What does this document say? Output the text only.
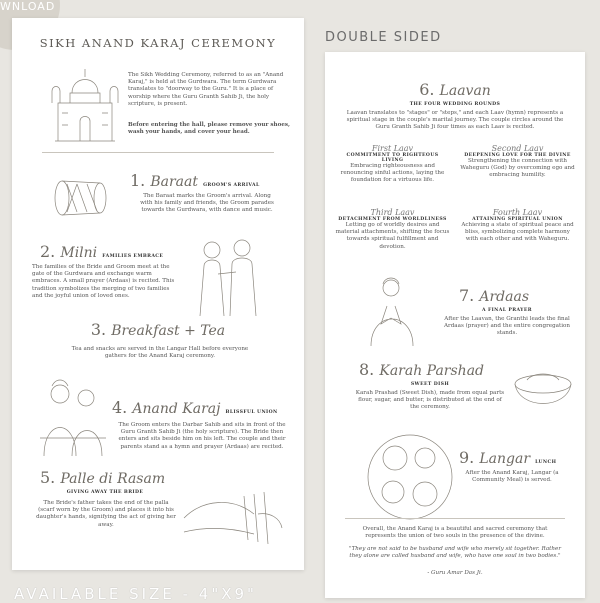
WNLOAD
DOUBLE SIDED
SIKH ANAND KARAJ CEREMONY
The Sikh Wedding Ceremony, referred to as an "Anand Karaj," is held at the Gurdwara. The term Gurdwara translates to "doorway to the Guru." It is a place of worship where the Guru Granth Sahib Ji, the holy scripture, is present.
Before entering the hall, please remove your shoes, wash your hands, and cover your head.
1. Baraat GROOM'S ARRIVAL
The Baraat marks the Groom's arrival. Along with his family and friends, the Groom parades towards the Gurdwara, with dance and music.
2. Milni FAMILIES EMBRACE
The families of the Bride and Groom meet at the gate of the Gurdwara and exchange warm embraces. A small prayer (Ardaas) is recited. This tradition symbolizes the merging of two families and the joyful union of loved ones.
3. Breakfast + Tea
Tea and snacks are served in the Langar Hall before everyone gathers for the Anand Karaj ceremony.
4. Anand Karaj BLISSFUL UNION
The Groom enters the Darbar Sahib and sits in front of the Guru Granth Sahib Ji (the holy scripture). The Bride then enters and sits beside him on his left. The couple and their parents stand as a hymn and prayer (Ardaas) are recited.
5. Palle di Rasam
GIVING AWAY THE BRIDE
The Bride's father takes the end of the palla (scarf worn by the Groom) and places it into his daughter's hands, signifying the act of giving her away.
6. Laavan
THE FOUR WEDDING ROUNDS
Laavan translates to "stages" or "steps," and each Laav (hymn) represents a spiritual stage in the couple's marital journey. The couple circles around the Guru Granth Sahib Ji four times as each Laav is recited.
First Laav
COMMITMENT TO RIGHTEOUS LIVING
Embracing righteousness and renouncing sinful actions, laying the foundation for a virtuous life.
Second Laav
DEEPENING LOVE FOR THE DIVINE
Strengthening the connection with Waheguru (God) by overcoming ego and embracing humility.
Third Laav
DETACHMENT FROM WORLDLINESS
Letting go of worldly desires and material attachments, shifting the focus towards spiritual fulfillment and devotion.
Fourth Laav
ATTAINING SPIRITUAL UNION
Achieving a state of spiritual peace and bliss, symbolizing complete harmony with each other and with Waheguru.
7. Ardaas
A FINAL PRAYER
After the Laavan, the Granthi leads the final Ardaas (prayer) and the entire congregation stands.
8. Karah Parshad
SWEET DISH
Karah Prashad (Sweet Dish), made from equal parts flour, sugar, and butter, is distributed at the end of the ceremony.
9. Langar LUNCH
After the Anand Karaj, Langar (a Community Meal) is served.
Overall, the Anand Karaj is a beautiful and sacred ceremony that represents the union of two souls in the presence of the divine.
"They are not said to be husband and wife who merely sit together. Rather they alone are called husband and wife, who have one soul in two bodies."
- Guru Amar Das Ji.
AVAILABLE SIZE - 4"X9"
